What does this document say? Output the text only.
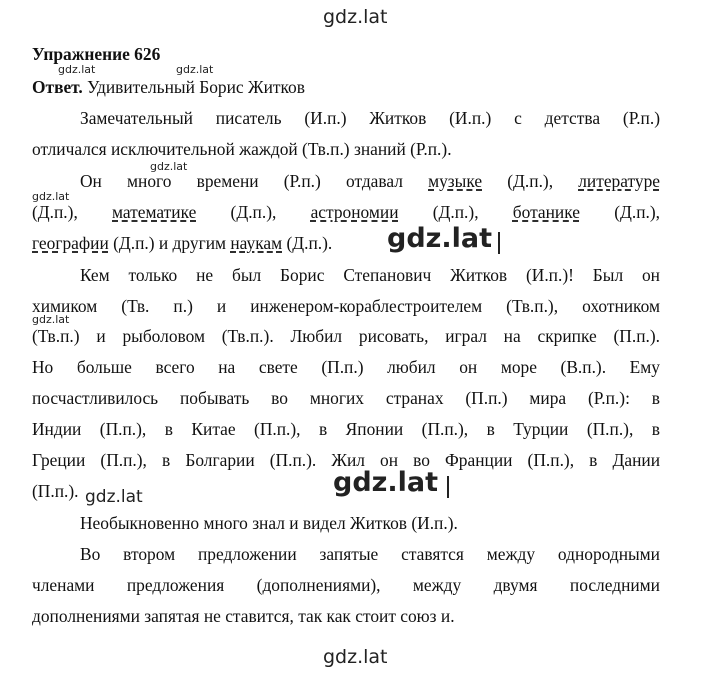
gdz.lat
gdz.lat
gdz.lat
gdz.lat
gdz.lat
gdz.lat	gdz.lat
gdz.lat
gdz.lat
gdz.lat
Упражнение 626
Ответ. Удивительный Борис Житков
Замечательный писатель (И.п.) Житков (И.п.) с детства (Р.п.)
отличался исключительной жаждой (Тв.п.) знаний (Р.п.).
Он много времени (Р.п.) отдавал музыке (Д.п.), литературе
(Д.п.), математике (Д.п.), астрономии (Д.п.), ботанике (Д.п.),
географии (Д.п.) и другим наукам (Д.п.).
Кем только не был Борис Степанович Житков (И.п.)! Был он
химиком (Тв. п.) и инженером-кораблестроителем (Тв.п.), охотником
(Тв.п.) и рыболовом (Тв.п.). Любил рисовать, играл на скрипке (П.п.).
Но больше всего на свете (П.п.) любил он море (В.п.). Ему
посчастливилось побывать во многих странах (П.п.) мира (Р.п.): в
Индии (П.п.), в Китае (П.п.), в Японии (П.п.), в Турции (П.п.), в
Греции (П.п.), в Болгарии (П.п.). Жил он во Франции (П.п.), в Дании
(П.п.).
Необыкновенно много знал и видел Житков (И.п.).
Во втором предложении запятые ставятся между однородными
членами предложения (дополнениями), между двумя последними
дополнениями запятая не ставится, так как стоит союз и.
